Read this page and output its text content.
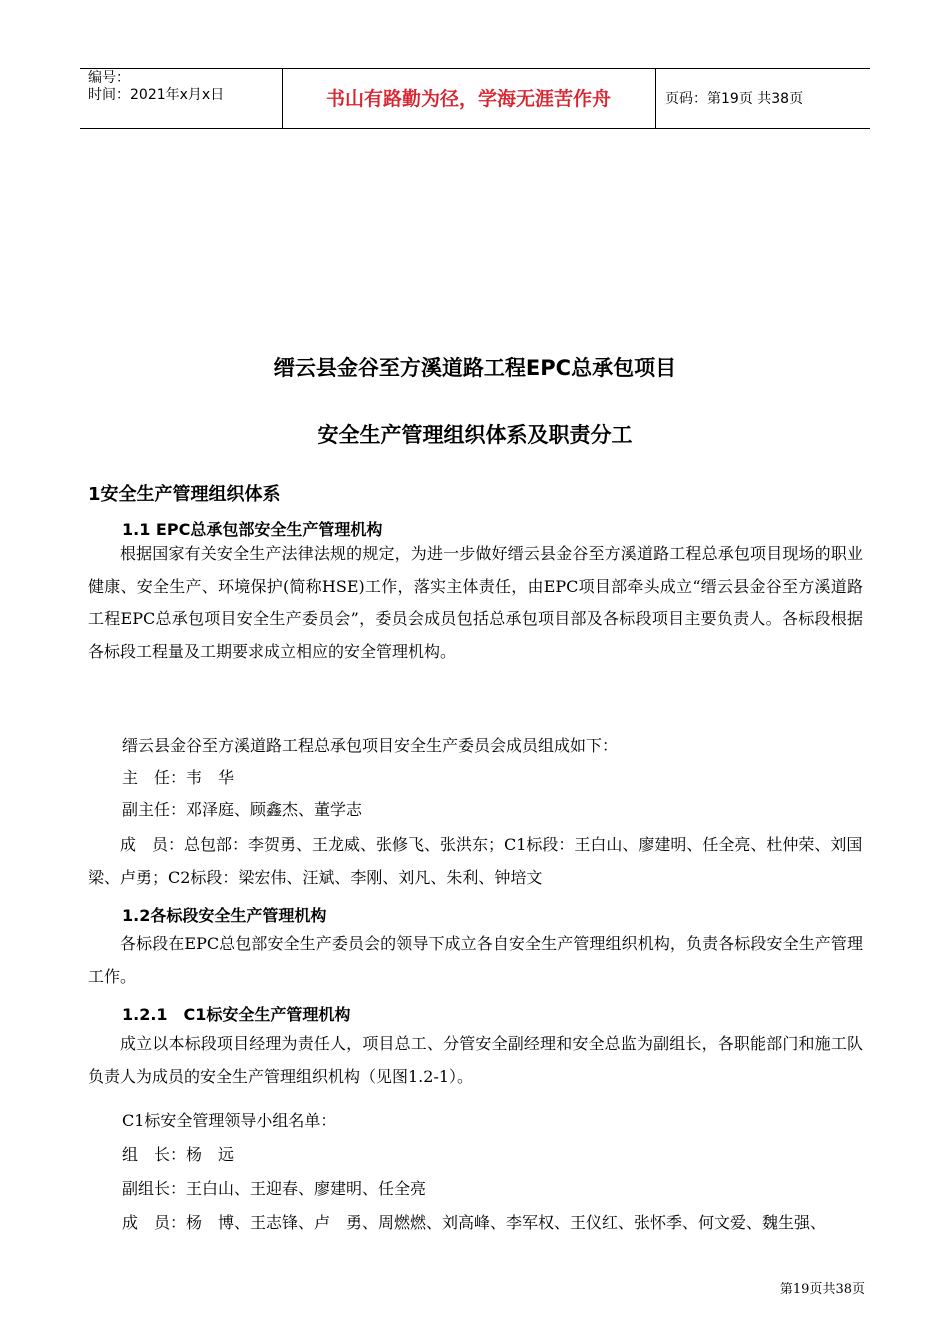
编号：
时间：2021年x月x日	书山有路勤为径，学海无涯苦作舟	页码：第19页 共38页
缙云县金谷至方溪道路工程EPC总承包项目
安全生产管理组织体系及职责分工
1安全生产管理组织体系
1.1 EPC总承包部安全生产管理机构
根据国家有关安全生产法律法规的规定，为进一步做好缙云县金谷至方溪道路工程总承包项目现场的职业健康、安全生产、环境保护(简称HSE)工作，落实主体责任，由EPC项目部牵头成立“缙云县金谷至方溪道路工程EPC总承包项目安全生产委员会”，委员会成员包括总承包项目部及各标段项目主要负责人。各标段根据各标段工程量及工期要求成立相应的安全管理机构。
缙云县金谷至方溪道路工程总承包项目安全生产委员会成员组成如下：
主　任：韦　华
副主任：邓泽庭、顾鑫杰、董学志
成　员：总包部：李贺勇、王龙威、张修飞、张洪东；C1标段：王白山、廖建明、任全亮、杜仲荣、刘国梁、卢勇；C2标段：梁宏伟、汪斌、李刚、刘凡、朱利、钟培文
1.2各标段安全生产管理机构
各标段在EPC总包部安全生产委员会的领导下成立各自安全生产管理组织机构，负责各标段安全生产管理工作。
1.2.1　C1标安全生产管理机构
成立以本标段项目经理为责任人，项目总工、分管安全副经理和安全总监为副组长，各职能部门和施工队负责人为成员的安全生产管理组织机构（见图1.2-1）。
C1标安全管理领导小组名单：
组　长：杨　远
副组长：王白山、王迎春、廖建明、任全亮
成　员：杨　博、王志锋、卢　勇、周燃燃、刘高峰、李军权、王仪红、张怀季、何文爱、魏生强、
第19页共38页
